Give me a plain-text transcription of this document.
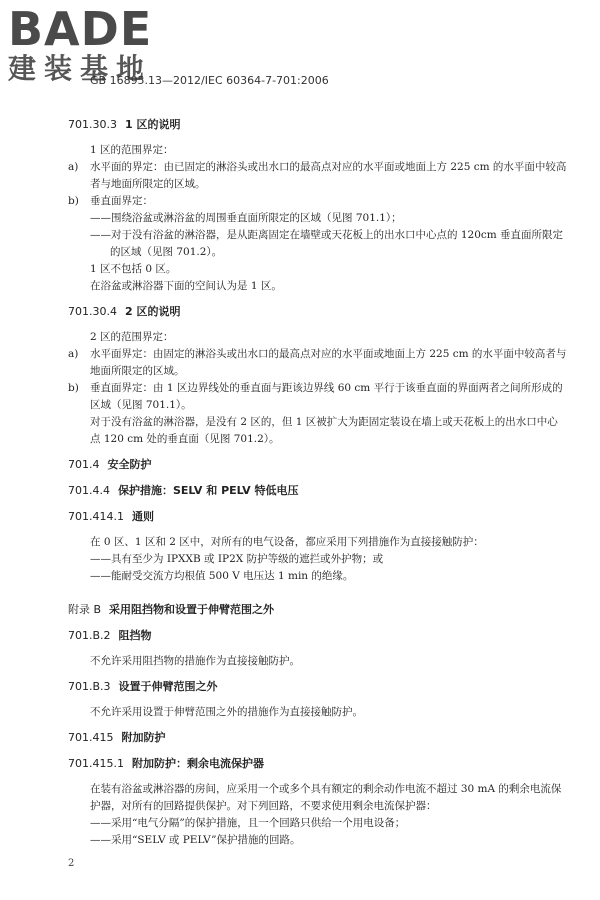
BADE
建装基地
GB 16895.13—2012/IEC 60364-7-701:2006
701.30.3 1 区的说明

1 区的范围界定：

a)	水平面的界定：由已固定的淋浴头或出水口的最高点对应的水平面或地面上方 225 cm 的水平面中较高者与地面所限定的区域。
b)	垂直面界定：
——围绕浴盆或淋浴盆的周围垂直面所限定的区域（见图 701.1）；
——对于没有浴盆的淋浴器，是从距离固定在墙壁或天花板上的出水口中心点的 120cm 垂直面所限定的区域（见图 701.2）。

1 区不包括 0 区。

在浴盆或淋浴器下面的空间认为是 1 区。

701.30.4 2 区的说明

2 区的范围界定：

a)	水平面界定：由固定的淋浴头或出水口的最高点对应的水平面或地面上方 225 cm 的水平面中较高者与地面所限定的区域。
b)	垂直面界定：由 1 区边界线处的垂直面与距该边界线 60 cm 平行于该垂直面的界面两者之间所形成的区域（见图 701.1）。

对于没有浴盆的淋浴器，是没有 2 区的，但 1 区被扩大为距固定装设在墙上或天花板上的出水口中心点 120 cm 处的垂直面（见图 701.2）。

701.4 安全防护
701.4.4 保护措施：SELV 和 PELV 特低电压
701.414.1 通则

在 0 区、1 区和 2 区中，对所有的电气设备，都应采用下列措施作为直接接触防护：

——具有至少为 IPXXB 或 IP2X 防护等级的遮拦或外护物；或
——能耐受交流方均根值 500 V 电压达 1 min 的绝缘。
附录 B 采用阻挡物和设置于伸臂范围之外
701.B.2 阻挡物

不允许采用阻挡物的措施作为直接接触防护。

701.B.3 设置于伸臂范围之外

不允许采用设置于伸臂范围之外的措施作为直接接触防护。

701.415 附加防护
701.415.1 附加防护：剩余电流保护器

在装有浴盆或淋浴器的房间，应采用一个或多个具有额定的剩余动作电流不超过 30 mA 的剩余电流保护器，对所有的回路提供保护。对下列回路，不要求使用剩余电流保护器：

——采用“电气分隔”的保护措施，且一个回路只供给一个用电设备；
——采用“SELV 或 PELV”保护措施的回路。
2
